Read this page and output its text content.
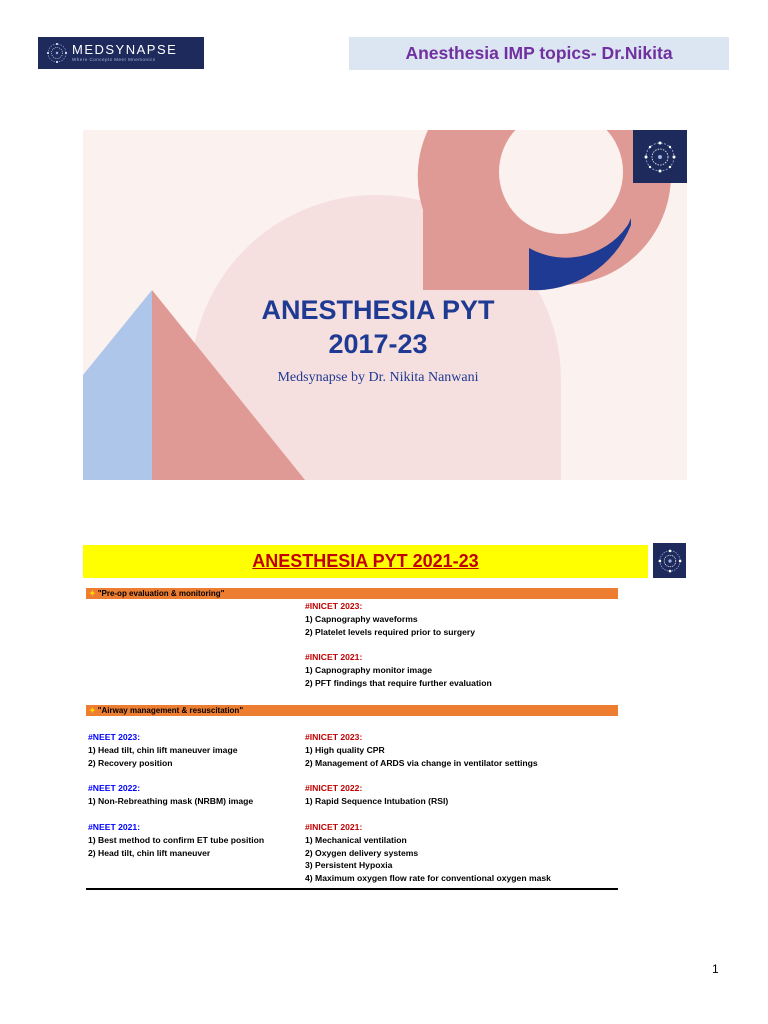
MEDSYNAPSE
Where Concepts Meet Mnemonics	Anesthesia IMP topics- Dr.Nikita
ANESTHESIA PYT
2017-23
Medsynapse by Dr. Nikita Nanwani
ANESTHESIA PYT 2021-23
✦ "Pre-op evaluation & monitoring"
#INICET 2023:
1) Capnography waveforms
2) Platelet levels required prior to surgery
#INICET 2021:
1) Capnography monitor image
2) PFT findings that require further evaluation
✦ "Airway management & resuscitation"
#NEET 2023:
1) Head tilt, chin lift maneuver image
2) Recovery position
#NEET 2022:
1) Non-Rebreathing mask (NRBM) image
#NEET 2021:
1) Best method to confirm ET tube position
2) Head tilt, chin lift maneuver
#INICET 2023:
1) High quality CPR
2) Management of ARDS via change in ventilator settings
#INICET 2022:
1) Rapid Sequence Intubation (RSI)
#INICET 2021:
1) Mechanical ventilation
2) Oxygen delivery systems
3) Persistent Hypoxia
4) Maximum oxygen flow rate for conventional oxygen mask
1
